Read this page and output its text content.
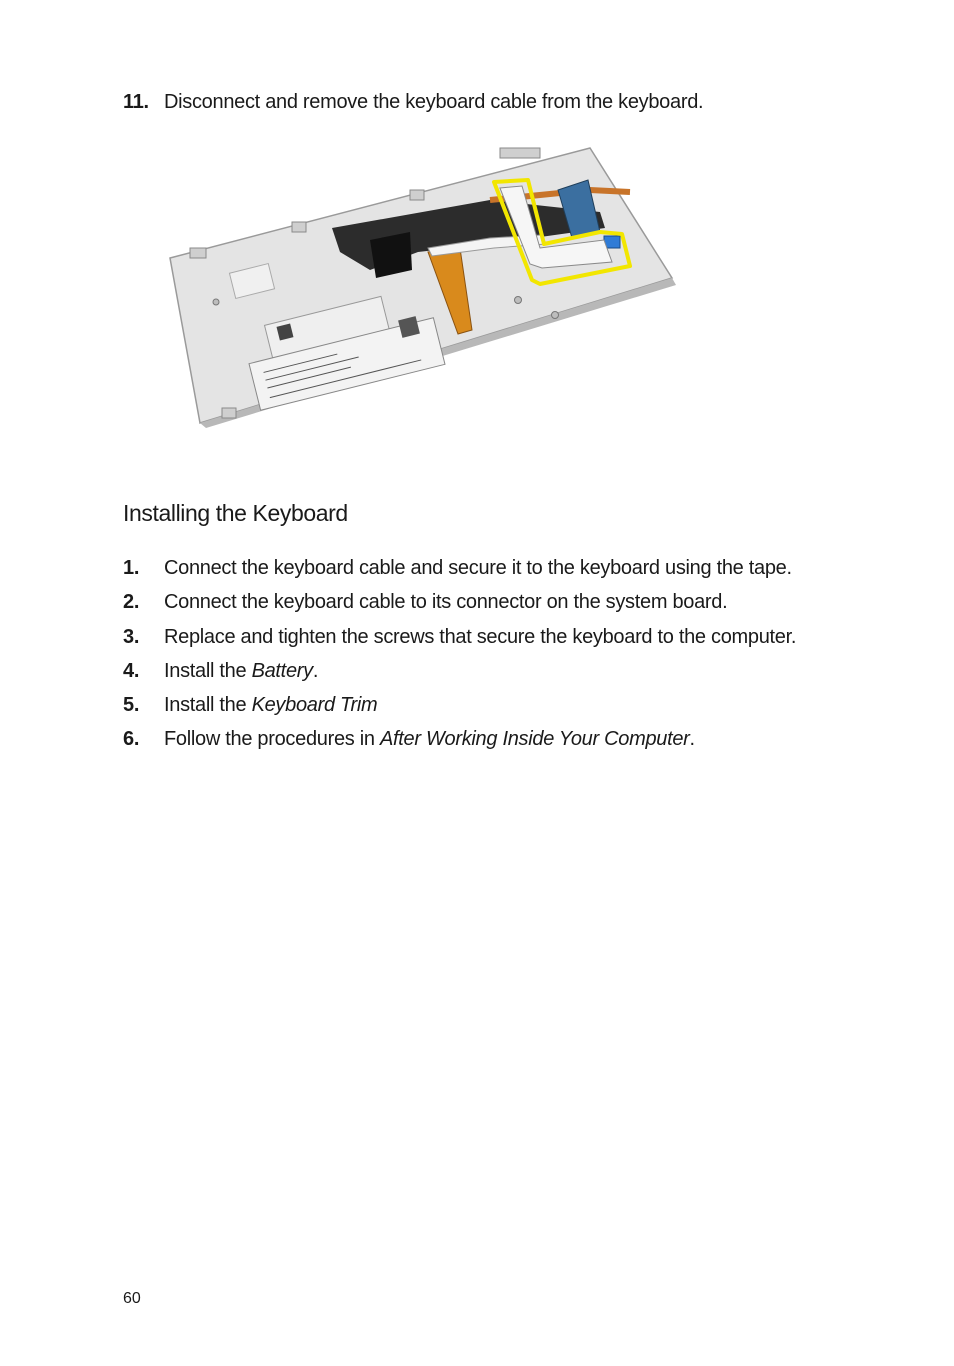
11. Disconnect and remove the keyboard cable from the keyboard.
Installing the Keyboard
1. Connect the keyboard cable and secure it to the keyboard using the tape.
2. Connect the keyboard cable to its connector on the system board.
3. Replace and tighten the screws that secure the keyboard to the computer.
4. Install the Battery.
5. Install the Keyboard Trim
6. Follow the procedures in After Working Inside Your Computer.
60
